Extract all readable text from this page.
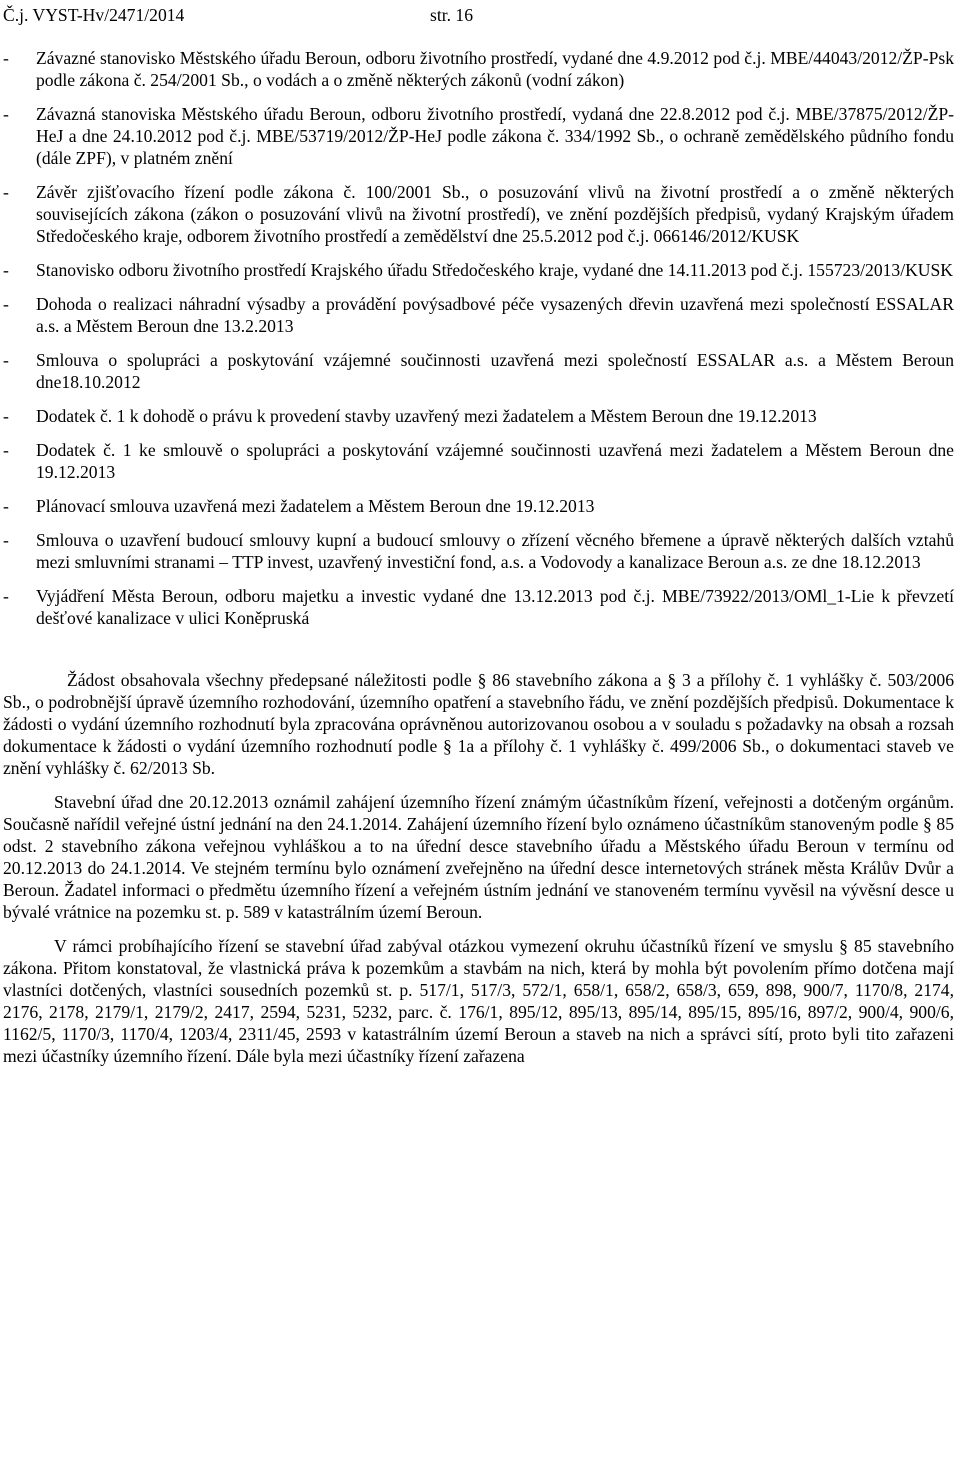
Č.j. VYST-Hv/2471/2014	str. 16
-	Závazné stanovisko Městského úřadu Beroun, odboru životního prostředí, vydané dne 4.9.2012 pod č.j. MBE/44043/2012/ŽP-Psk podle zákona č. 254/2001 Sb., o vodách a o změně některých zákonů (vodní zákon)
-	Závazná stanoviska Městského úřadu Beroun, odboru životního prostředí, vydaná dne 22.8.2012 pod č.j. MBE/37875/2012/ŽP-HeJ a dne 24.10.2012 pod č.j. MBE/53719/2012/ŽP-HeJ podle zákona č. 334/1992 Sb., o ochraně zemědělského půdního fondu (dále ZPF), v platném znění
-	Závěr zjišťovacího řízení podle zákona č. 100/2001 Sb., o posuzování vlivů na životní prostředí a o změně některých souvisejících zákona (zákon o posuzování vlivů na životní prostředí), ve znění pozdějších předpisů, vydaný Krajským úřadem Středočeského kraje, odborem životního prostředí a zemědělství dne 25.5.2012 pod č.j. 066146/2012/KUSK
-	Stanovisko odboru životního prostředí Krajského úřadu Středočeského kraje, vydané dne 14.11.2013 pod č.j. 155723/2013/KUSK
-	Dohoda o realizaci náhradní výsadby a provádění povýsadbové péče vysazených dřevin uzavřená mezi společností ESSALAR a.s. a Městem Beroun dne 13.2.2013
-	Smlouva o spolupráci a poskytování vzájemné součinnosti uzavřená mezi společností ESSALAR a.s. a Městem Beroun dne18.10.2012
-	Dodatek č. 1 k dohodě o právu k provedení stavby uzavřený mezi žadatelem a Městem Beroun dne 19.12.2013
-	Dodatek č. 1 ke smlouvě o spolupráci a poskytování vzájemné součinnosti uzavřená mezi žadatelem a Městem Beroun dne 19.12.2013
-	Plánovací smlouva uzavřená mezi žadatelem a Městem Beroun dne 19.12.2013
-	Smlouva o uzavření budoucí smlouvy kupní a budoucí smlouvy o zřízení věcného břemene a úpravě některých dalších vztahů mezi smluvními stranami – TTP invest, uzavřený investiční fond, a.s. a Vodovody a kanalizace Beroun a.s. ze dne 18.12.2013
-	Vyjádření Města Beroun, odboru majetku a investic vydané dne 13.12.2013 pod č.j. MBE/73922/2013/OMl_1-Lie k převzetí dešťové kanalizace v ulici Koněpruská

Žádost obsahovala všechny předepsané náležitosti podle § 86 stavebního zákona a § 3 a přílohy č. 1 vyhlášky č. 503/2006 Sb., o podrobnější úpravě územního rozhodování, územního opatření a stavebního řádu, ve znění pozdějších předpisů. Dokumentace k žádosti o vydání územního rozhodnutí byla zpracována oprávněnou autorizovanou osobou a v souladu s požadavky na obsah a rozsah dokumentace k žádosti o vydání územního rozhodnutí podle § 1a a přílohy č. 1 vyhlášky č. 499/2006 Sb., o dokumentaci staveb ve znění vyhlášky č. 62/2013 Sb.

Stavební úřad dne 20.12.2013 oznámil zahájení územního řízení známým účastníkům řízení, veřejnosti a dotčeným orgánům. Současně nařídil veřejné ústní jednání na den 24.1.2014. Zahájení územního řízení bylo oznámeno účastníkům stanoveným podle § 85 odst. 2 stavebního zákona veřejnou vyhláškou a to na úřední desce stavebního úřadu a Městského úřadu Beroun v termínu od 20.12.2013 do 24.1.2014. Ve stejném termínu bylo oznámení zveřejněno na úřední desce internetových stránek města Králův Dvůr a Beroun. Žadatel informaci o předmětu územního řízení a veřejném ústním jednání ve stanoveném termínu vyvěsil na vývěsní desce u bývalé vrátnice na pozemku st. p. 589 v katastrálním území Beroun.

V rámci probíhajícího řízení se stavební úřad zabýval otázkou vymezení okruhu účastníků řízení ve smyslu § 85 stavebního zákona. Přitom konstatoval, že vlastnická práva k pozemkům a stavbám na nich, která by mohla být povolením přímo dotčena mají vlastníci dotčených, vlastníci sousedních pozemků st. p. 517/1, 517/3, 572/1, 658/1, 658/2, 658/3, 659, 898, 900/7, 1170/8, 2174, 2176, 2178, 2179/1, 2179/2, 2417, 2594, 5231, 5232, parc. č. 176/1, 895/12, 895/13, 895/14, 895/15, 895/16, 897/2, 900/4, 900/6, 1162/5, 1170/3, 1170/4, 1203/4, 2311/45, 2593 v katastrálním území Beroun a staveb na nich a správci sítí, proto byli tito zařazeni mezi účastníky územního řízení. Dále byla mezi účastníky řízení zařazena
